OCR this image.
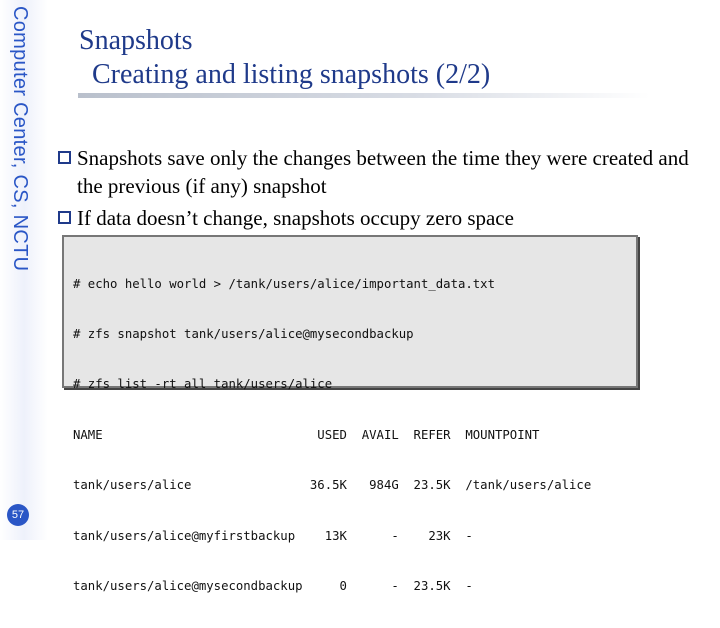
Computer Center, CS, NCTU
57
Snapshots
Creating and listing snapshots (2/2)
Snapshots save only the changes between the time they were created and the previous (if any) snapshot
If data doesn’t change, snapshots occupy zero space

# echo hello world > /tank/users/alice/important_data.txt

# zfs snapshot tank/users/alice@mysecondbackup

# zfs list -rt all tank/users/alice

NAME                             USED  AVAIL  REFER  MOUNTPOINT

tank/users/alice                36.5K   984G  23.5K  /tank/users/alice

tank/users/alice@myfirstbackup    13K      -    23K  -

tank/users/alice@mysecondbackup     0      -  23.5K  -
